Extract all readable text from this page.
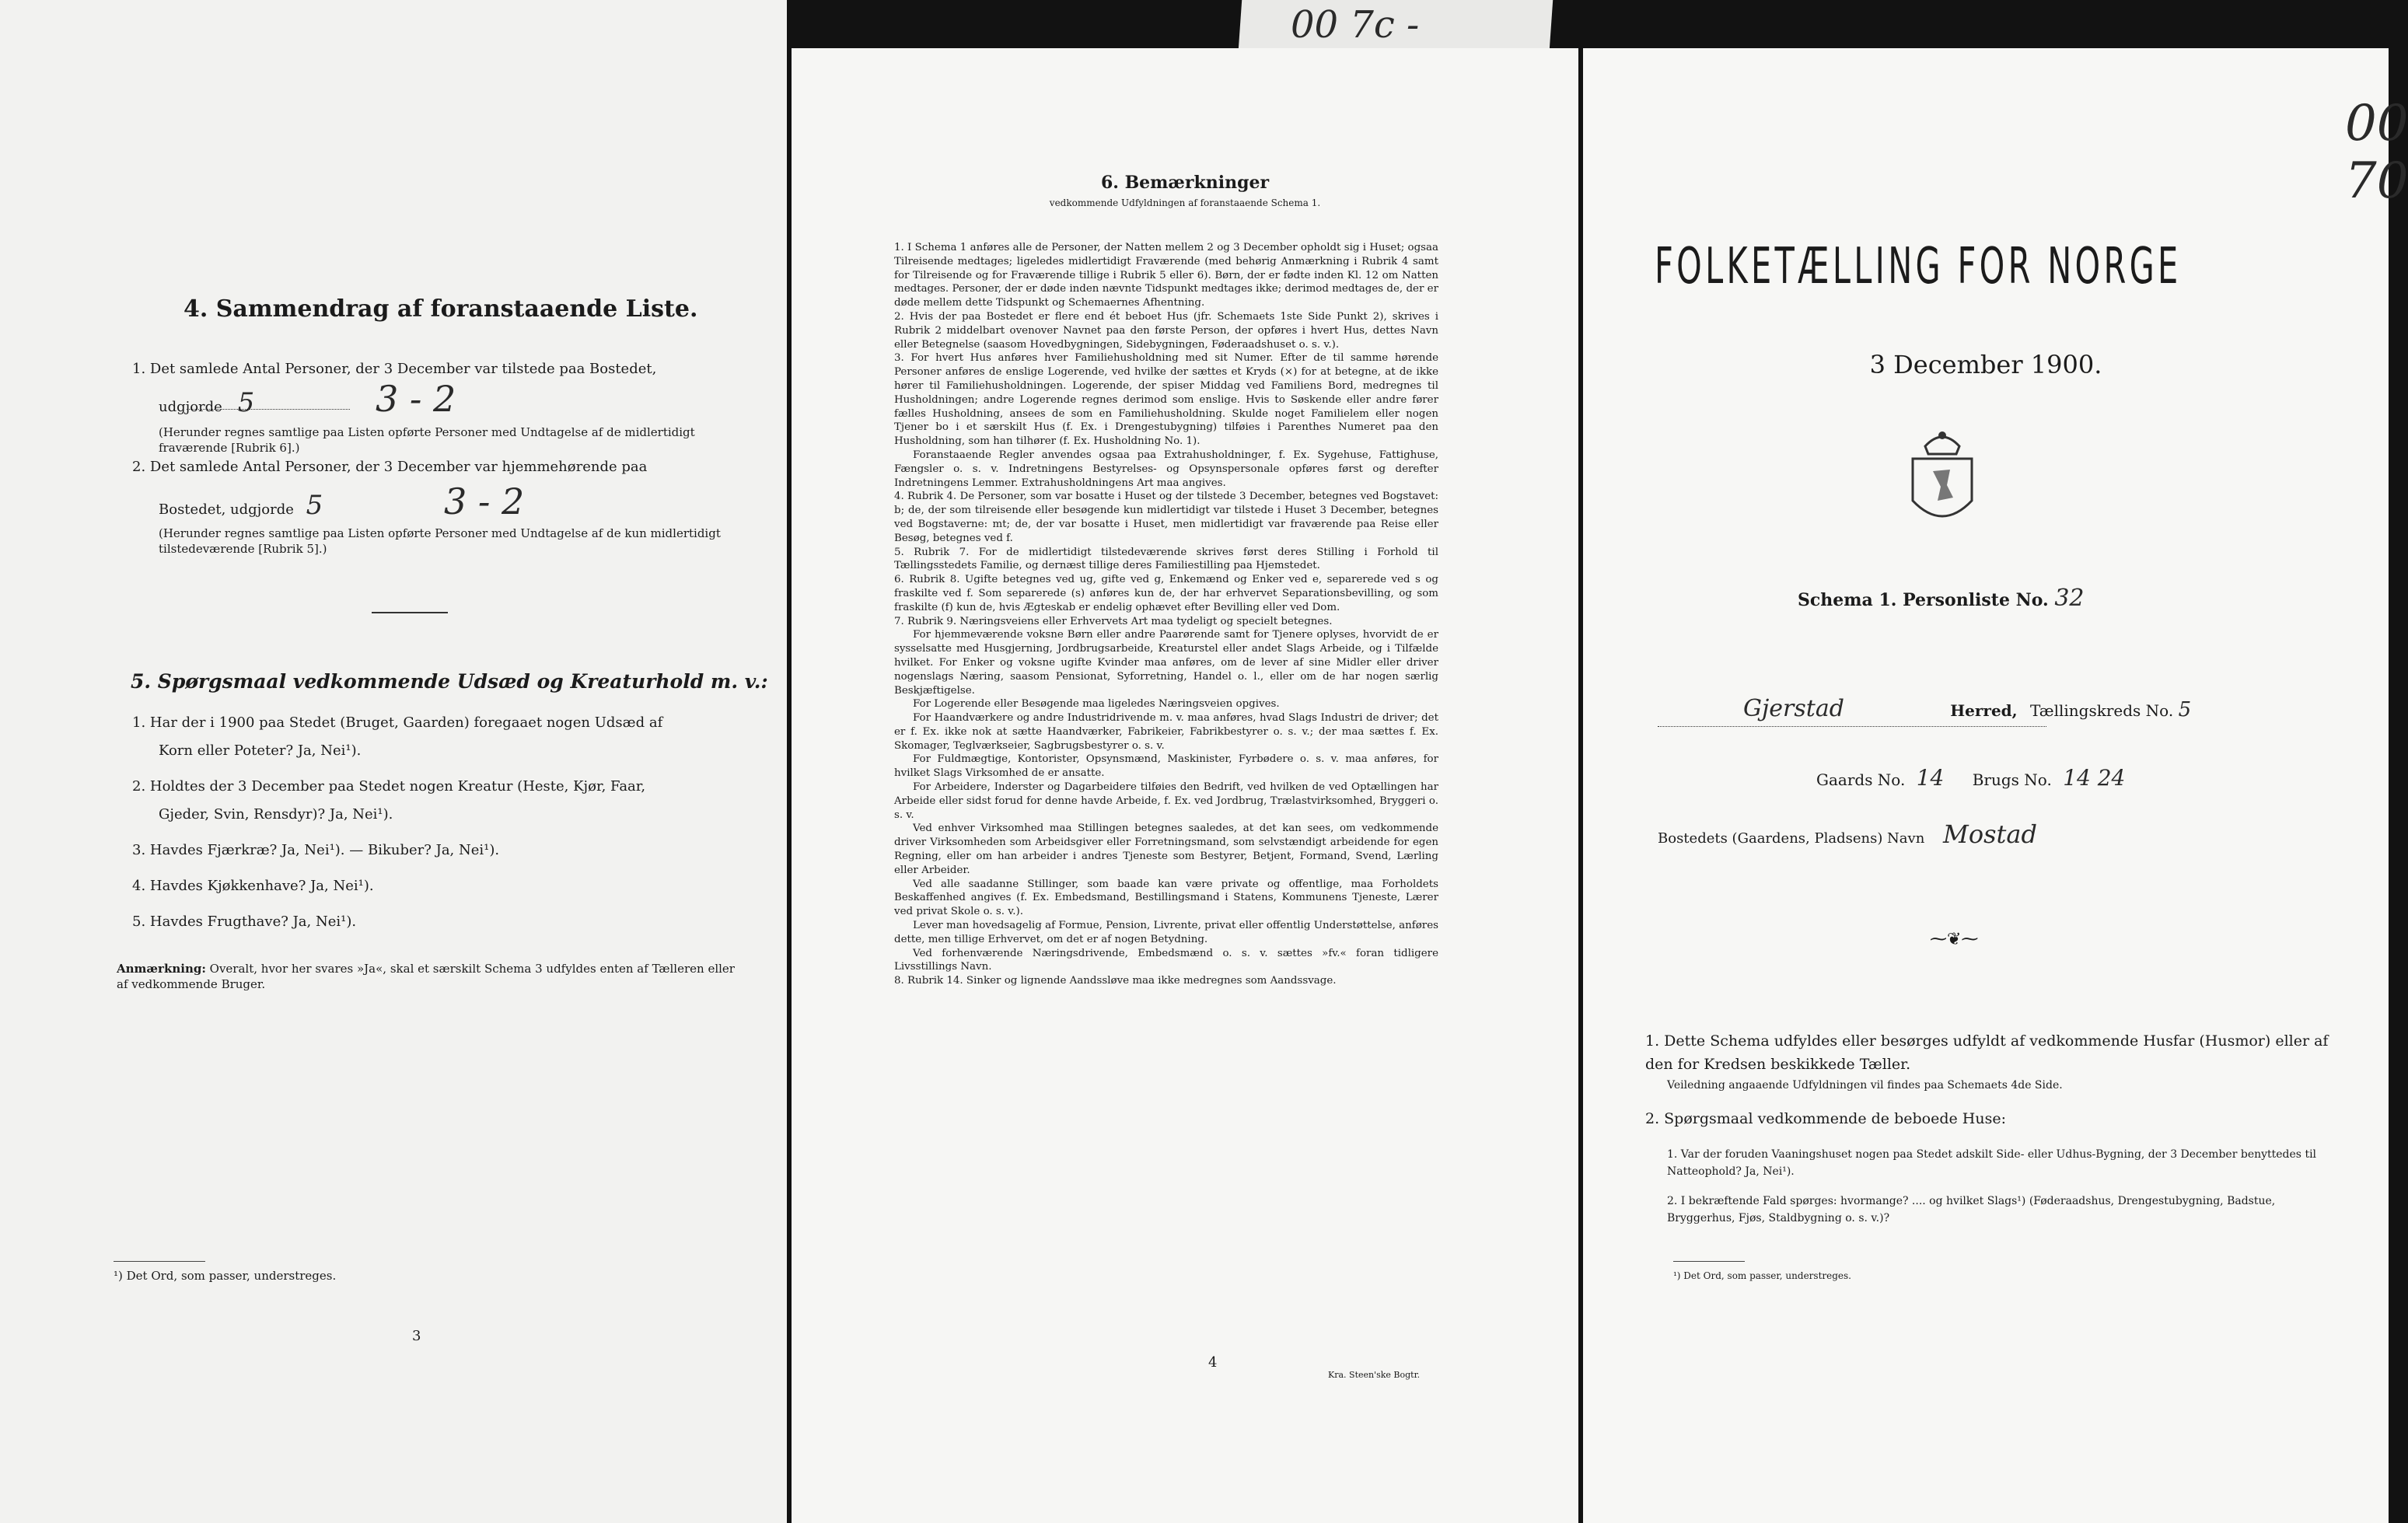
00 7c -
4. Sammendrag af foranstaaende Liste.
1. Det samlede Antal Personer, der 3 December var tilstede paa Bostedet,
udgjorde 5	3 - 2
(Herunder regnes samtlige paa Listen opførte Personer med Undtagelse af de midlertidigt fraværende [Rubrik 6].)
2. Det samlede Antal Personer, der 3 December var hjemmehørende paa
Bostedet, udgjorde 5	3 - 2
(Herunder regnes samtlige paa Listen opførte Personer med Undtagelse af de kun midlertidigt tilstedeværende [Rubrik 5].)
5. Spørgsmaal vedkommende Udsæd og Kreaturhold m. v.:
1. Har der i 1900 paa Stedet (Bruget, Gaarden) foregaaet nogen Udsæd af
Korn eller Poteter? Ja, Nei¹).
2. Holdtes der 3 December paa Stedet nogen Kreatur (Heste, Kjør, Faar,
Gjeder, Svin, Rensdyr)? Ja, Nei¹).
3. Havdes Fjærkræ? Ja, Nei¹). — Bikuber? Ja, Nei¹).
4. Havdes Kjøkkenhave? Ja, Nei¹).
5. Havdes Frugthave? Ja, Nei¹).
Anmærkning: Overalt, hvor her svares »Ja«, skal et særskilt Schema 3 udfyldes enten af Tælleren eller af vedkommende Bruger.
¹) Det Ord, som passer, understreges.
3
6. Bemærkninger
vedkommende Udfyldningen af foranstaaende Schema 1.

1. I Schema 1 anføres alle de Personer, der Natten mellem 2 og 3 December opholdt sig i Huset; ogsaa Tilreisende medtages; ligeledes midlertidigt Fraværende (med behørig Anmærkning i Rubrik 4 samt for Tilreisende og for Fraværende tillige i Rubrik 5 eller 6). Børn, der er fødte inden Kl. 12 om Natten medtages. Personer, der er døde inden nævnte Tidspunkt medtages ikke; derimod medtages de, der er døde mellem dette Tidspunkt og Schemaernes Afhentning.

2. Hvis der paa Bostedet er flere end ét beboet Hus (jfr. Schemaets 1ste Side Punkt 2), skrives i Rubrik 2 middelbart ovenover Navnet paa den første Person, der opføres i hvert Hus, dettes Navn eller Betegnelse (saasom Hovedbygningen, Sidebygningen, Føderaadshuset o. s. v.).

3. For hvert Hus anføres hver Familiehusholdning med sit Numer. Efter de til samme hørende Personer anføres de enslige Logerende, ved hvilke der sættes et Kryds (×) for at betegne, at de ikke hører til Familiehusholdningen. Logerende, der spiser Middag ved Familiens Bord, medregnes til Husholdningen; andre Logerende regnes derimod som enslige. Hvis to Søskende eller andre fører fælles Husholdning, ansees de som en Familiehusholdning. Skulde noget Familielem eller nogen Tjener bo i et særskilt Hus (f. Ex. i Drengestubygning) tilføies i Parenthes Numeret paa den Husholdning, som han tilhører (f. Ex. Husholdning No. 1).

Foranstaaende Regler anvendes ogsaa paa Extrahusholdninger, f. Ex. Sygehuse, Fattighuse, Fængsler o. s. v. Indretningens Bestyrelses- og Opsynspersonale opføres først og derefter Indretningens Lemmer. Extrahusholdningens Art maa angives.

4. Rubrik 4. De Personer, som var bosatte i Huset og der tilstede 3 December, betegnes ved Bogstavet: b; de, der som tilreisende eller besøgende kun midlertidigt var tilstede i Huset 3 December, betegnes ved Bogstaverne: mt; de, der var bosatte i Huset, men midlertidigt var fraværende paa Reise eller Besøg, betegnes ved f.

5. Rubrik 7. For de midlertidigt tilstedeværende skrives først deres Stilling i Forhold til Tællingsstedets Familie, og dernæst tillige deres Familiestilling paa Hjemstedet.

6. Rubrik 8. Ugifte betegnes ved ug, gifte ved g, Enkemænd og Enker ved e, separerede ved s og fraskilte ved f. Som separerede (s) anføres kun de, der har erhvervet Separationsbevilling, og som fraskilte (f) kun de, hvis Ægteskab er endelig ophævet efter Bevilling eller ved Dom.

7. Rubrik 9. Næringsveiens eller Erhvervets Art maa tydeligt og specielt betegnes.

For hjemmeværende voksne Børn eller andre Paarørende samt for Tjenere oplyses, hvorvidt de er sysselsatte med Husgjerning, Jordbrugsarbeide, Kreaturstel eller andet Slags Arbeide, og i Tilfælde hvilket. For Enker og voksne ugifte Kvinder maa anføres, om de lever af sine Midler eller driver nogenslags Næring, saasom Pensionat, Syforretning, Handel o. l., eller om de har nogen særlig Beskjæftigelse.

For Logerende eller Besøgende maa ligeledes Næringsveien opgives.

For Haandværkere og andre Industridrivende m. v. maa anføres, hvad Slags Industri de driver; det er f. Ex. ikke nok at sætte Haandværker, Fabrikeier, Fabrikbestyrer o. s. v.; der maa sættes f. Ex. Skomager, Teglværkseier, Sagbrugsbestyrer o. s. v.

For Fuldmægtige, Kontorister, Opsynsmænd, Maskinister, Fyrbødere o. s. v. maa anføres, for hvilket Slags Virksomhed de er ansatte.

For Arbeidere, Inderster og Dagarbeidere tilføies den Bedrift, ved hvilken de ved Optællingen har Arbeide eller sidst forud for denne havde Arbeide, f. Ex. ved Jordbrug, Trælastvirksomhed, Bryggeri o. s. v.

Ved enhver Virksomhed maa Stillingen betegnes saaledes, at det kan sees, om vedkommende driver Virksomheden som Arbeidsgiver eller Forretningsmand, som selvstændigt arbeidende for egen Regning, eller om han arbeider i andres Tjeneste som Bestyrer, Betjent, Formand, Svend, Lærling eller Arbeider.

Ved alle saadanne Stillinger, som baade kan være private og offentlige, maa Forholdets Beskaffenhed angives (f. Ex. Embedsmand, Bestillingsmand i Statens, Kommunens Tjeneste, Lærer ved privat Skole o. s. v.).

Lever man hovedsagelig af Formue, Pension, Livrente, privat eller offentlig Understøttelse, anføres dette, men tillige Erhvervet, om det er af nogen Betydning.

Ved forhenværende Næringsdrivende, Embedsmænd o. s. v. sættes »fv.« foran tidligere Livsstillings Navn.

8. Rubrik 14. Sinker og lignende Aandssløve maa ikke medregnes som Aandssvage.

4
Kra. Steen'ske Bogtr.
00 70
FOLKETÆLLING FOR NORGE
3 December 1900.
Schema 1. Personliste No. 32
Gjerstad	Herred, Tællingskreds No. 5
Gaards No. 14 Brugs No. 14 24
Bostedets (Gaardens, Pladsens) Navn Mostad
⁓❦⁓
1. Dette Schema udfyldes eller besørges udfyldt af vedkommende Husfar (Husmor) eller af den for Kredsen beskikkede Tæller.
Veiledning angaaende Udfyldningen vil findes paa Schemaets 4de Side.
2. Spørgsmaal vedkommende de beboede Huse:
1. Var der foruden Vaaningshuset nogen paa Stedet adskilt Side- eller Udhus-Bygning, der 3 December benyttedes til Natteophold? Ja, Nei¹).
2. I bekræftende Fald spørges: hvormange? .... og hvilket Slags¹) (Føderaadshus, Drengestubygning, Badstue, Bryggerhus, Fjøs, Staldbygning o. s. v.)?
¹) Det Ord, som passer, understreges.
